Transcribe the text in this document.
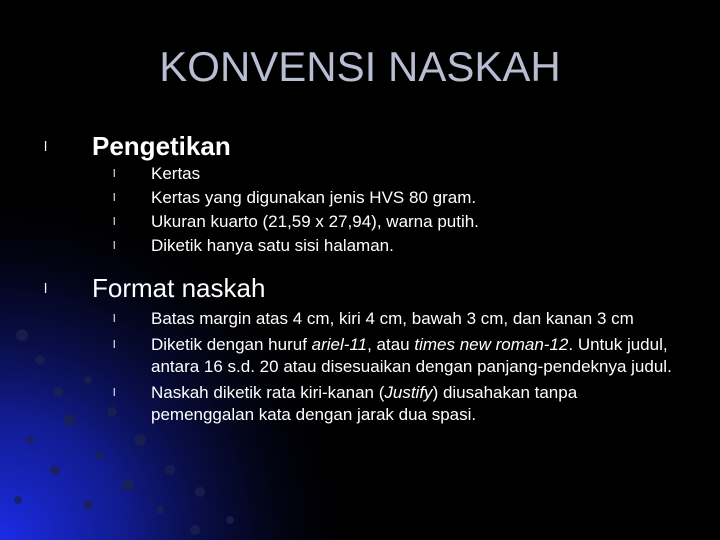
KONVENSI NASKAH
l	Pengetikan
l	Kertas
l	Kertas yang digunakan jenis HVS 80 gram.
l	Ukuran kuarto (21,59 x 27,94), warna putih.
l	Diketik hanya satu sisi halaman.
l	Format naskah
l	Batas margin atas 4 cm, kiri 4 cm, bawah 3 cm, dan kanan 3 cm
l	Diketik dengan huruf ariel-11, atau times new roman-12. Untuk judul, antara 16 s.d. 20 atau disesuaikan dengan panjang-pendeknya judul.
l	Naskah diketik rata kiri-kanan (Justify) diusahakan tanpa pemenggalan kata dengan jarak dua spasi.
